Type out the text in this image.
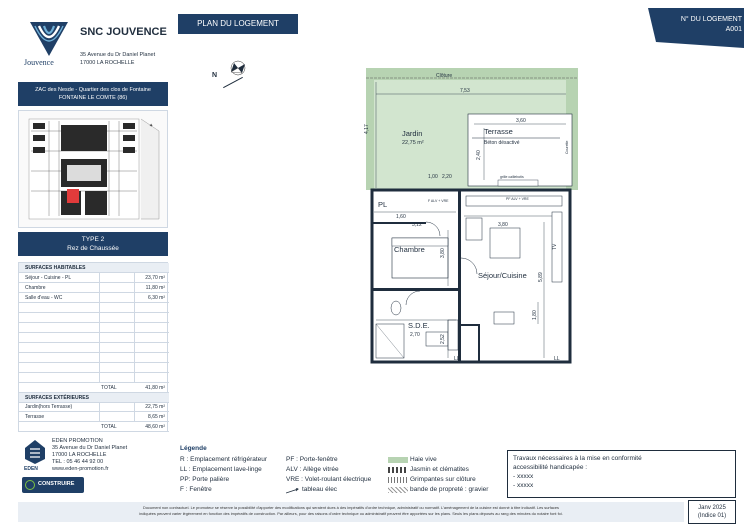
Jouvence
SNC JOUVENCE
35 Avenue du Dr Daniel Planet
17000 LA ROCHELLE
ZAC des Nesde - Quartier des clos de Fontaine
FONTAINE LE COMTE (86)
✦
TYPE 2
Rez de Chaussée
SURFACES HABITABLES
Séjour - Cuisine - PL	23,70 m²
Chambre	11,80 m²
Salle d'eau - WC	6,30 m²
TOTAL	41,80 m²
SURFACES EXTÉRIEURES
Jardin(hors Terrasse)	22,75 m²
Terrasse	8,65 m²
TOTAL	48,60 m²
EDEN
EDEN PROMOTION
35 Avenue du Dr Daniel Planet
17000 LA ROCHELLE
TEL : 05 46 44 92 00
www.eden-promotion.fr
CONSTRUIRE
PLAN DU LOGEMENT	N° DU LOGEMENT
A001
N	Clôture
7,53
4,17	Jardin
22,75 m²
3,60
Terrasse
Béton désactivé
2,40
grille caillebotis
Courette
1,00 2,20
F ALV + VRE	PF ALV + VRE
PL
1,60
3,12	3,80
Chambre	3,80
TV
Séjour/Cuisine 5,89
S.D.E.
2,70	2,52
1,80
LL	LL
Légende
R : Emplacement réfrigérateur
LL : Emplacement lave-linge
PP: Porte palière
F : Fenêtre
PF : Porte-fenêtre
ALV : Allège vitrée
VRE : Volet-roulant électrique
tableau élec
Haie vive
Jasmin et clématites
Grimpantes sur clôture
bande de propreté : gravier
Travaux nécessaires à la mise en conformité
accessibilité handicapée :
- xxxxx
- xxxxx
Document non contractuel. Le promoteur se réserve la possibilité d'apporter des modifications qui seraient dues à des impératifs d'ordre technique, administratif ou normatif. L'aménagement de la cuisine est donné à titre indicatif. Les surfaces
indiquées peuvent varier légèrement en fonction des impératifs de construction. Par ailleurs, pour des raisons d'ordre technique ou administratif peuvent être apportées sur les plans. Seuls les plans déposés au rang des minutes du notaire font foi.
Janv 2025
(Indice 01)
